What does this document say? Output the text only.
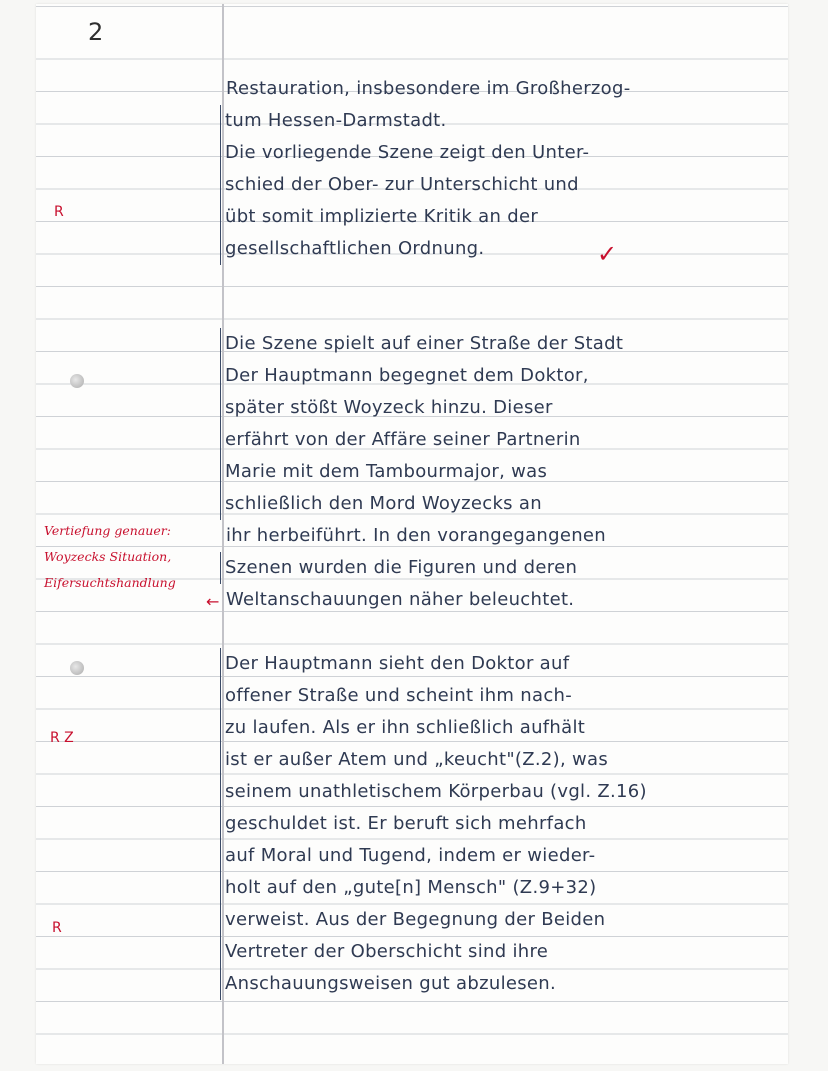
2
Restauration, insbesondere im Großherzog-
tum Hessen-Darmstadt.
Die vorliegende Szene zeigt den Unter-
schied der Ober- zur Unterschicht und
übt somit implizierte Kritik an der
gesellschaftlichen Ordnung.
Die Szene spielt auf einer Straße der Stadt
Der Hauptmann begegnet dem Doktor,
später stößt Woyzeck hinzu. Dieser
erfährt von der Affäre seiner Partnerin
Marie mit dem Tambourmajor, was
schließlich den Mord Woyzecks an
ihr herbeiführt. In den vorangegangenen
Szenen wurden die Figuren und deren
Weltanschauungen näher beleuchtet.
Der Hauptmann sieht den Doktor auf
offener Straße und scheint ihm nach-
zu laufen. Als er ihn schließlich aufhält
ist er außer Atem und „keucht"(Z.2), was
seinem unathletischem Körperbau (vgl. Z.16)
geschuldet ist. Er beruft sich mehrfach
auf Moral und Tugend, indem er wieder-
holt auf den „gute[n] Mensch" (Z.9+32)
verweist. Aus der Begegnung der Beiden
Vertreter der Oberschicht sind ihre
Anschauungsweisen gut abzulesen.
R
R Z
R
✓
Vertiefung genauer:
Woyzecks Situation,
Eifersuchtshandlung
←
